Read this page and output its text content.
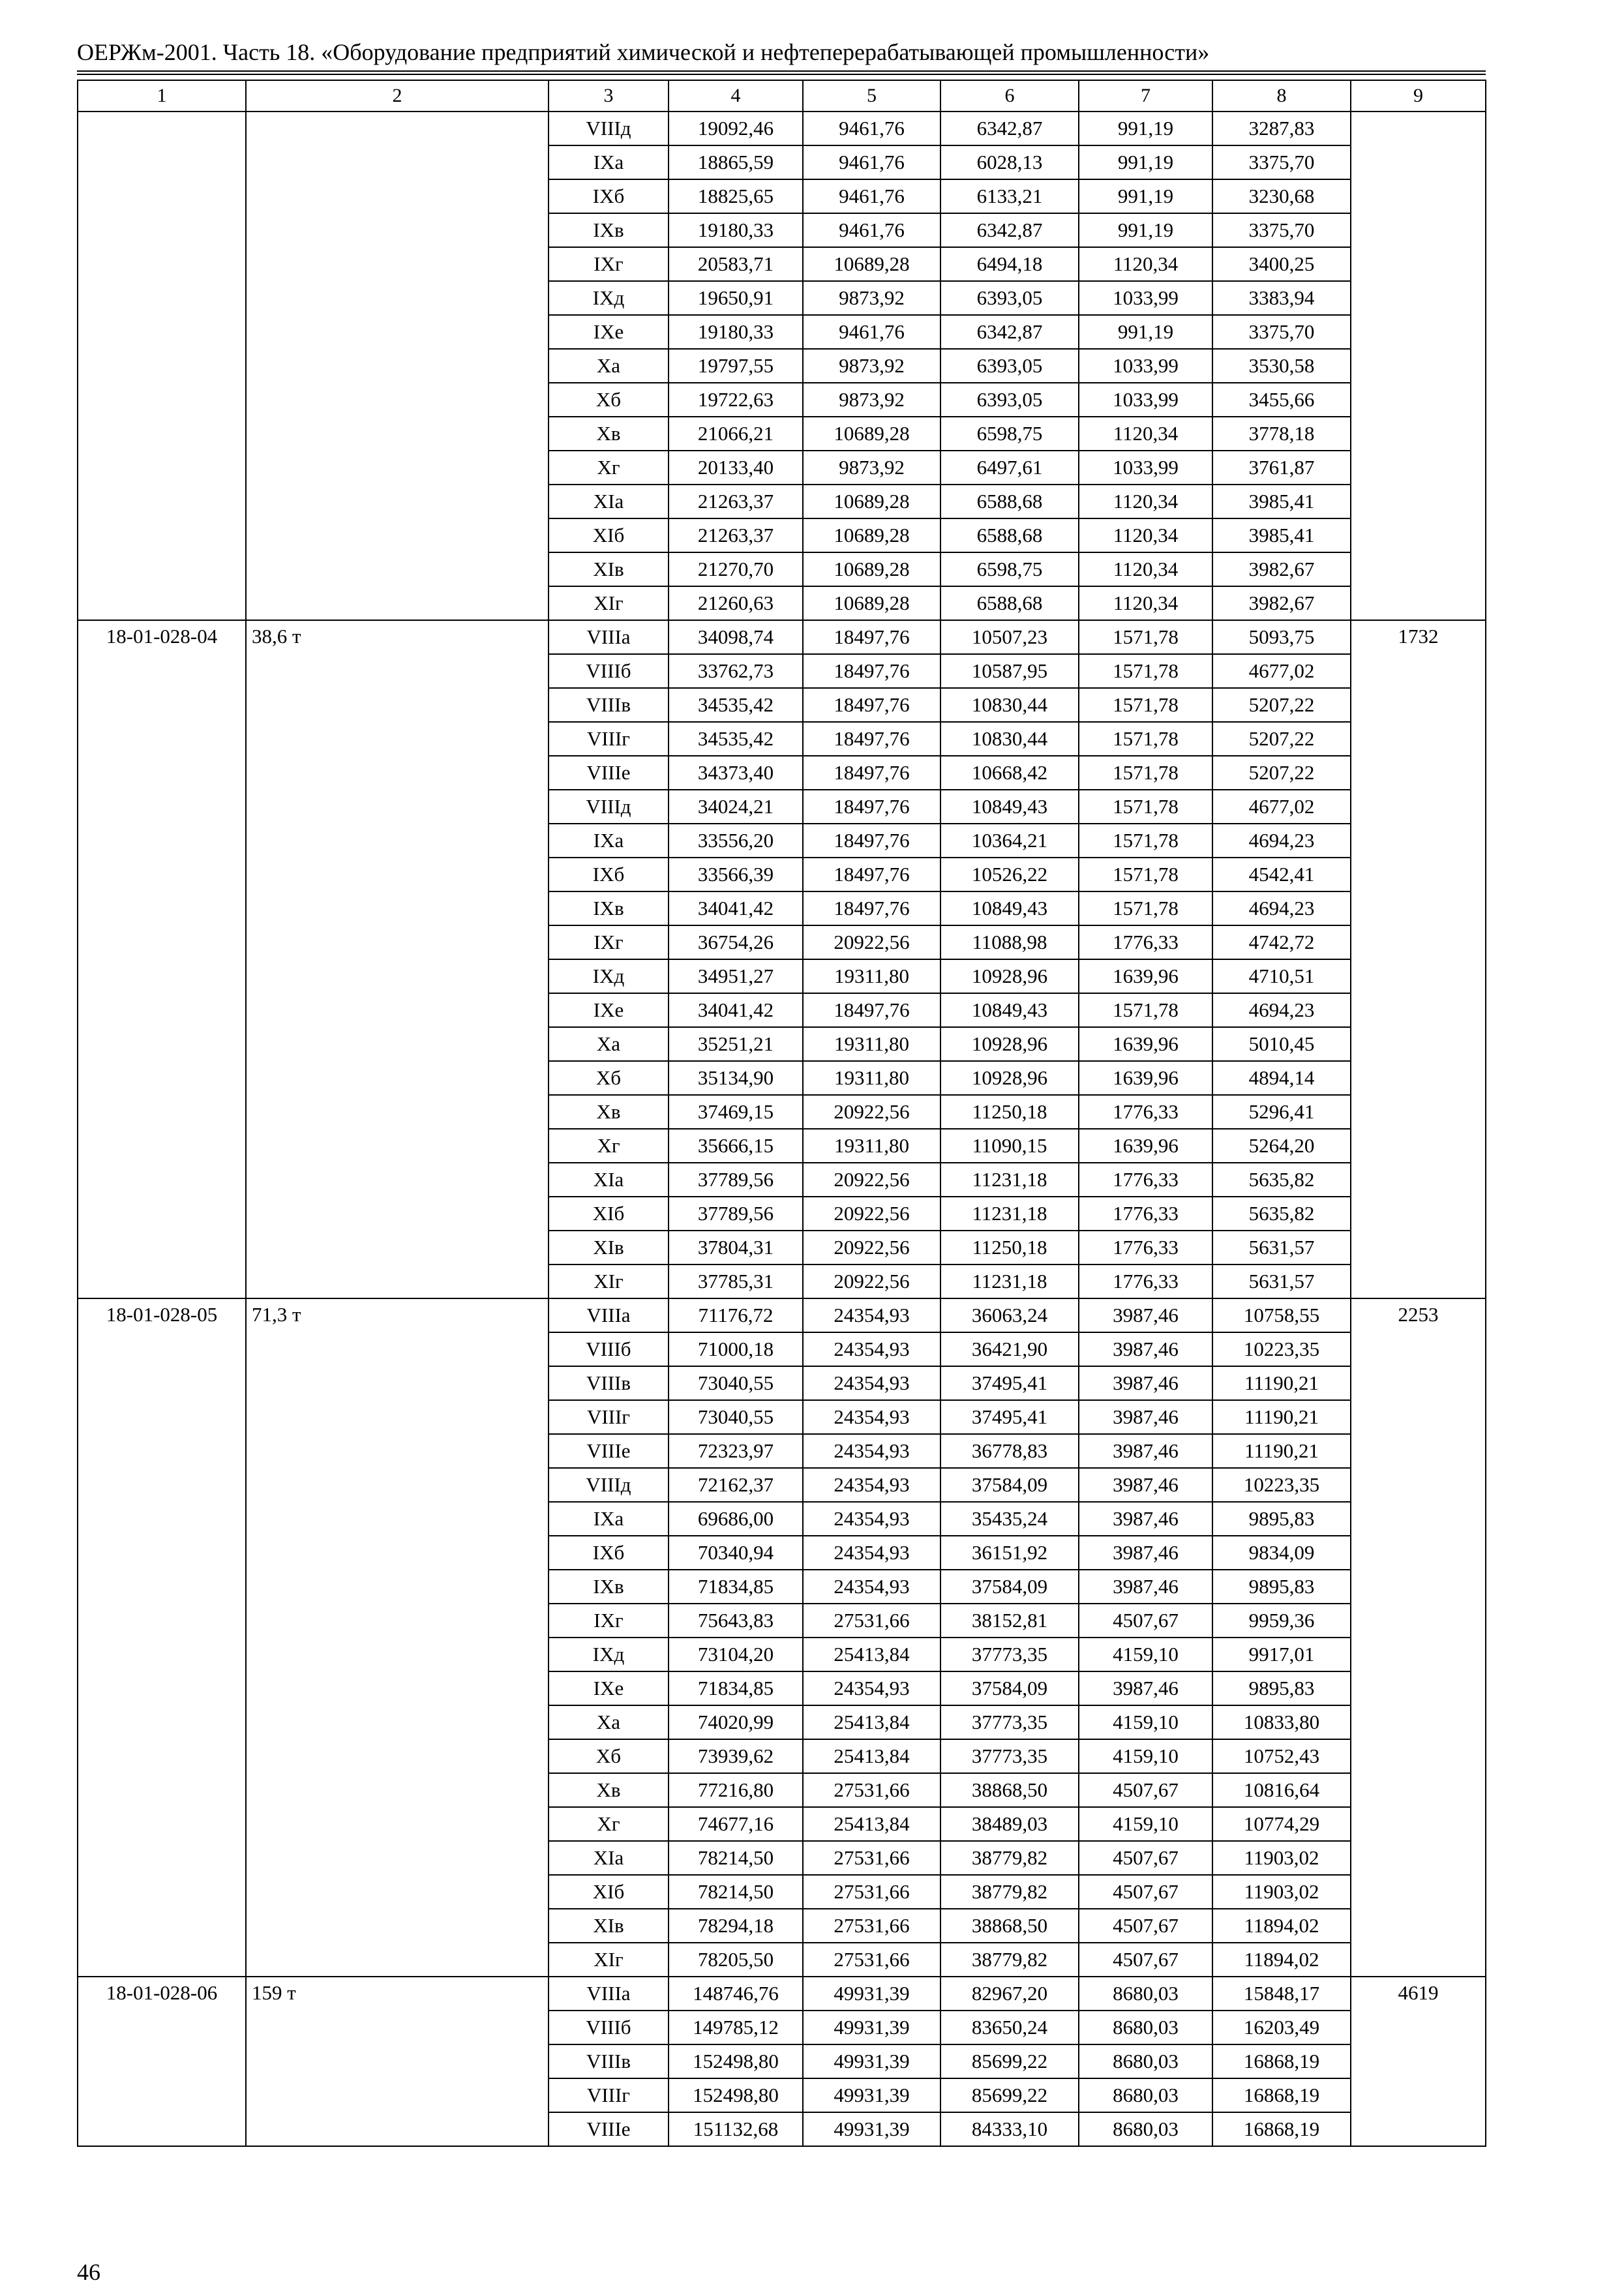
ОЕРЖм-2001. Часть 18. «Оборудование предприятий химической и нефтеперерабатывающей промышленности»
1	2	3	4	5	6	7	8	9
		VIIIд	19092,46	9461,76	6342,87	991,19	3287,83	
		IXа	18865,59	9461,76	6028,13	991,19	3375,70	
		IXб	18825,65	9461,76	6133,21	991,19	3230,68	
		IXв	19180,33	9461,76	6342,87	991,19	3375,70	
		IXг	20583,71	10689,28	6494,18	1120,34	3400,25	
		IXд	19650,91	9873,92	6393,05	1033,99	3383,94	
		IXе	19180,33	9461,76	6342,87	991,19	3375,70	
		Xа	19797,55	9873,92	6393,05	1033,99	3530,58	
		Xб	19722,63	9873,92	6393,05	1033,99	3455,66	
		Xв	21066,21	10689,28	6598,75	1120,34	3778,18	
		Xг	20133,40	9873,92	6497,61	1033,99	3761,87	
		XIа	21263,37	10689,28	6588,68	1120,34	3985,41	
		XIб	21263,37	10689,28	6588,68	1120,34	3985,41	
		XIв	21270,70	10689,28	6598,75	1120,34	3982,67	
		XIг	21260,63	10689,28	6588,68	1120,34	3982,67	
18-01-028-04	38,6 т	VIIIа	34098,74	18497,76	10507,23	1571,78	5093,75	1732
		VIIIб	33762,73	18497,76	10587,95	1571,78	4677,02	
		VIIIв	34535,42	18497,76	10830,44	1571,78	5207,22	
		VIIIг	34535,42	18497,76	10830,44	1571,78	5207,22	
		VIIIе	34373,40	18497,76	10668,42	1571,78	5207,22	
		VIIIд	34024,21	18497,76	10849,43	1571,78	4677,02	
		IXа	33556,20	18497,76	10364,21	1571,78	4694,23	
		IXб	33566,39	18497,76	10526,22	1571,78	4542,41	
		IXв	34041,42	18497,76	10849,43	1571,78	4694,23	
		IXг	36754,26	20922,56	11088,98	1776,33	4742,72	
		IXд	34951,27	19311,80	10928,96	1639,96	4710,51	
		IXе	34041,42	18497,76	10849,43	1571,78	4694,23	
		Xа	35251,21	19311,80	10928,96	1639,96	5010,45	
		Xб	35134,90	19311,80	10928,96	1639,96	4894,14	
		Xв	37469,15	20922,56	11250,18	1776,33	5296,41	
		Xг	35666,15	19311,80	11090,15	1639,96	5264,20	
		XIа	37789,56	20922,56	11231,18	1776,33	5635,82	
		XIб	37789,56	20922,56	11231,18	1776,33	5635,82	
		XIв	37804,31	20922,56	11250,18	1776,33	5631,57	
		XIг	37785,31	20922,56	11231,18	1776,33	5631,57	
18-01-028-05	71,3 т	VIIIа	71176,72	24354,93	36063,24	3987,46	10758,55	2253
		VIIIб	71000,18	24354,93	36421,90	3987,46	10223,35	
		VIIIв	73040,55	24354,93	37495,41	3987,46	11190,21	
		VIIIг	73040,55	24354,93	37495,41	3987,46	11190,21	
		VIIIе	72323,97	24354,93	36778,83	3987,46	11190,21	
		VIIIд	72162,37	24354,93	37584,09	3987,46	10223,35	
		IXа	69686,00	24354,93	35435,24	3987,46	9895,83	
		IXб	70340,94	24354,93	36151,92	3987,46	9834,09	
		IXв	71834,85	24354,93	37584,09	3987,46	9895,83	
		IXг	75643,83	27531,66	38152,81	4507,67	9959,36	
		IXд	73104,20	25413,84	37773,35	4159,10	9917,01	
		IXе	71834,85	24354,93	37584,09	3987,46	9895,83	
		Xа	74020,99	25413,84	37773,35	4159,10	10833,80	
		Xб	73939,62	25413,84	37773,35	4159,10	10752,43	
		Xв	77216,80	27531,66	38868,50	4507,67	10816,64	
		Xг	74677,16	25413,84	38489,03	4159,10	10774,29	
		XIа	78214,50	27531,66	38779,82	4507,67	11903,02	
		XIб	78214,50	27531,66	38779,82	4507,67	11903,02	
		XIв	78294,18	27531,66	38868,50	4507,67	11894,02	
		XIг	78205,50	27531,66	38779,82	4507,67	11894,02	
18-01-028-06	159 т	VIIIа	148746,76	49931,39	82967,20	8680,03	15848,17	4619
		VIIIб	149785,12	49931,39	83650,24	8680,03	16203,49	
		VIIIв	152498,80	49931,39	85699,22	8680,03	16868,19	
		VIIIг	152498,80	49931,39	85699,22	8680,03	16868,19	
		VIIIе	151132,68	49931,39	84333,10	8680,03	16868,19	
46
